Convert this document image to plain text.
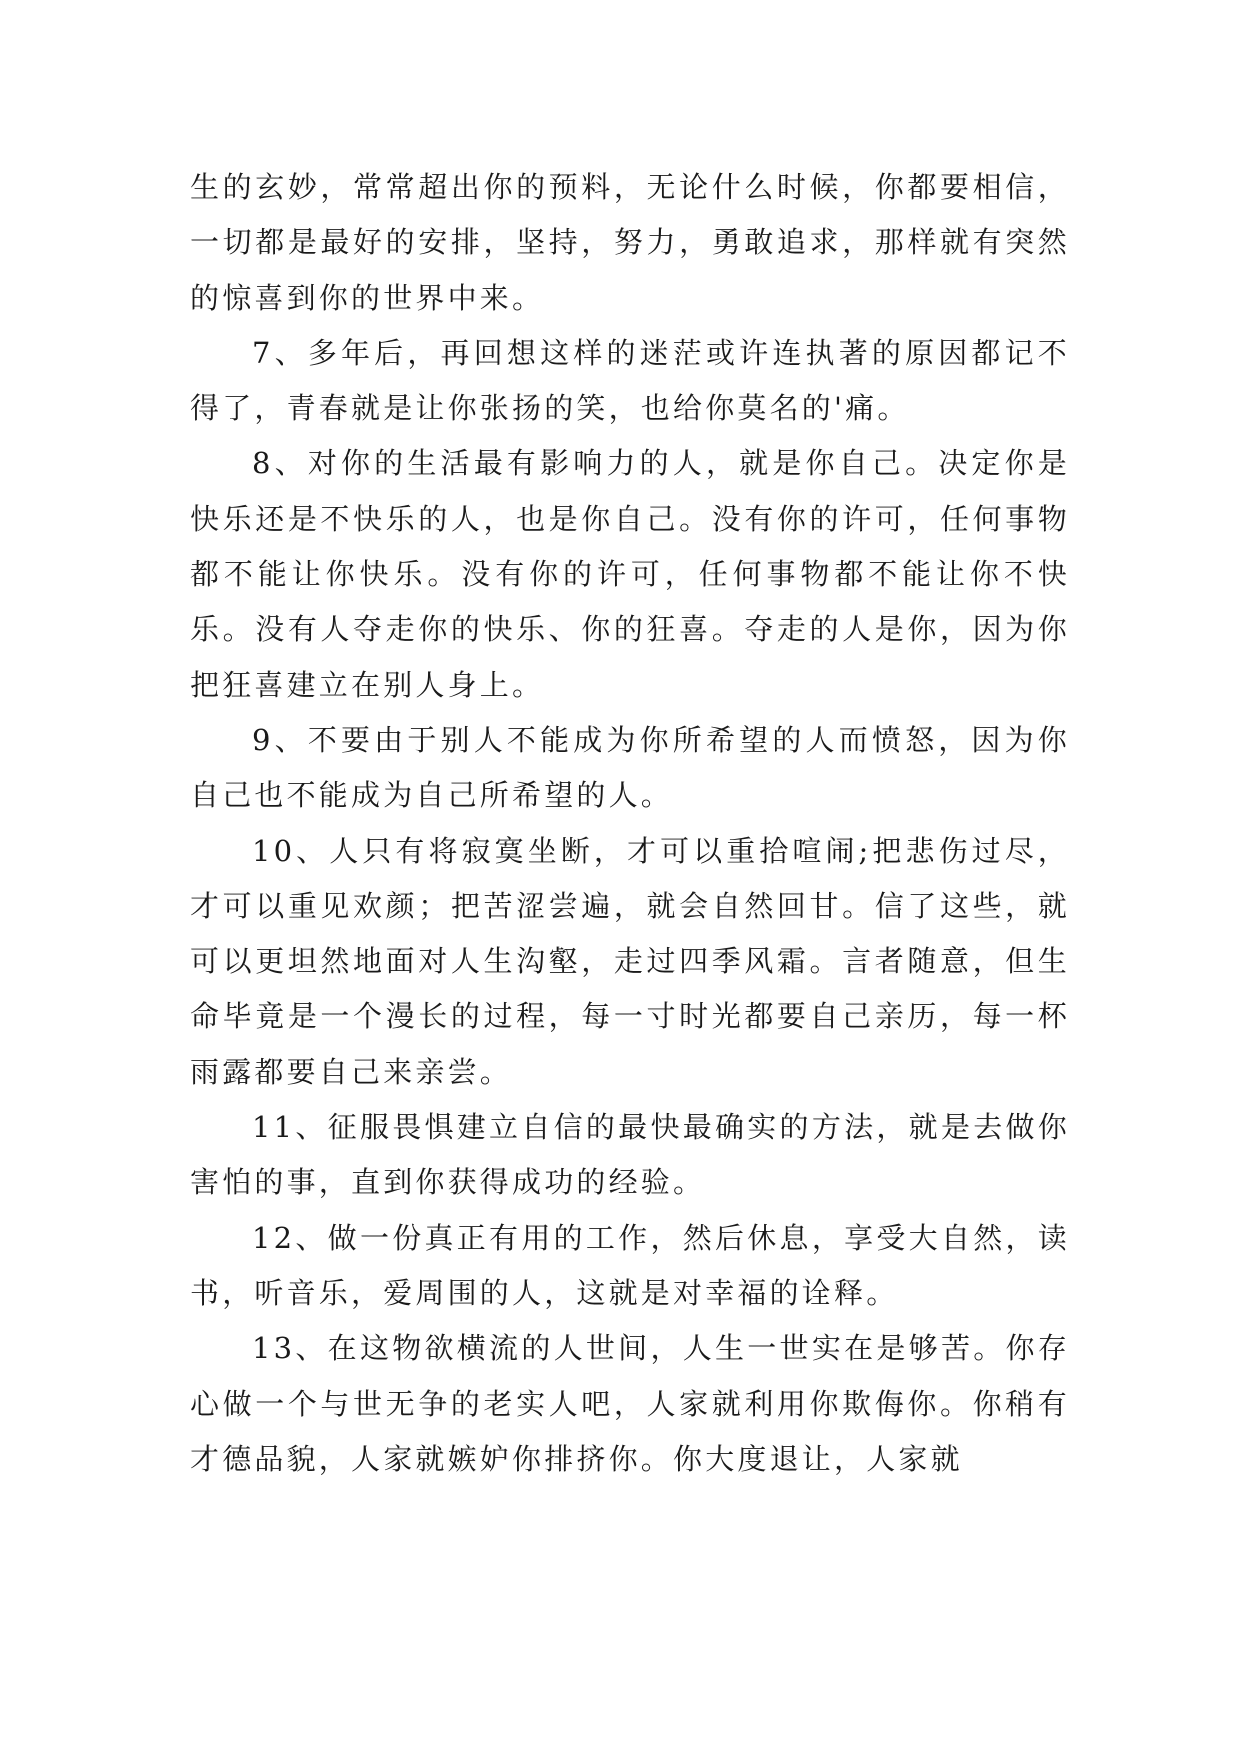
生的玄妙，常常超出你的预料，无论什么时候，你都要相信，一切都是最好的安排，坚持，努力，勇敢追求，那样就有突然的惊喜到你的世界中来。

7、多年后，再回想这样的迷茫或许连执著的原因都记不得了，青春就是让你张扬的笑，也给你莫名的'痛。

8、对你的生活最有影响力的人，就是你自己。决定你是快乐还是不快乐的人，也是你自己。没有你的许可，任何事物都不能让你快乐。没有你的许可，任何事物都不能让你不快乐。没有人夺走你的快乐、你的狂喜。夺走的人是你，因为你把狂喜建立在别人身上。

9、不要由于别人不能成为你所希望的人而愤怒，因为你自己也不能成为自己所希望的人。

10、人只有将寂寞坐断，才可以重拾喧闹;把悲伤过尽，才可以重见欢颜；把苦涩尝遍，就会自然回甘。信了这些，就可以更坦然地面对人生沟壑，走过四季风霜。言者随意，但生命毕竟是一个漫长的过程，每一寸时光都要自己亲历，每一杯雨露都要自己来亲尝。

11、征服畏惧建立自信的最快最确实的方法，就是去做你害怕的事，直到你获得成功的经验。

12、做一份真正有用的工作，然后休息，享受大自然，读书，听音乐，爱周围的人，这就是对幸福的诠释。

13、在这物欲横流的人世间，人生一世实在是够苦。你存心做一个与世无争的老实人吧，人家就利用你欺侮你。你稍有才德品貌，人家就嫉妒你排挤你。你大度退让，人家就
